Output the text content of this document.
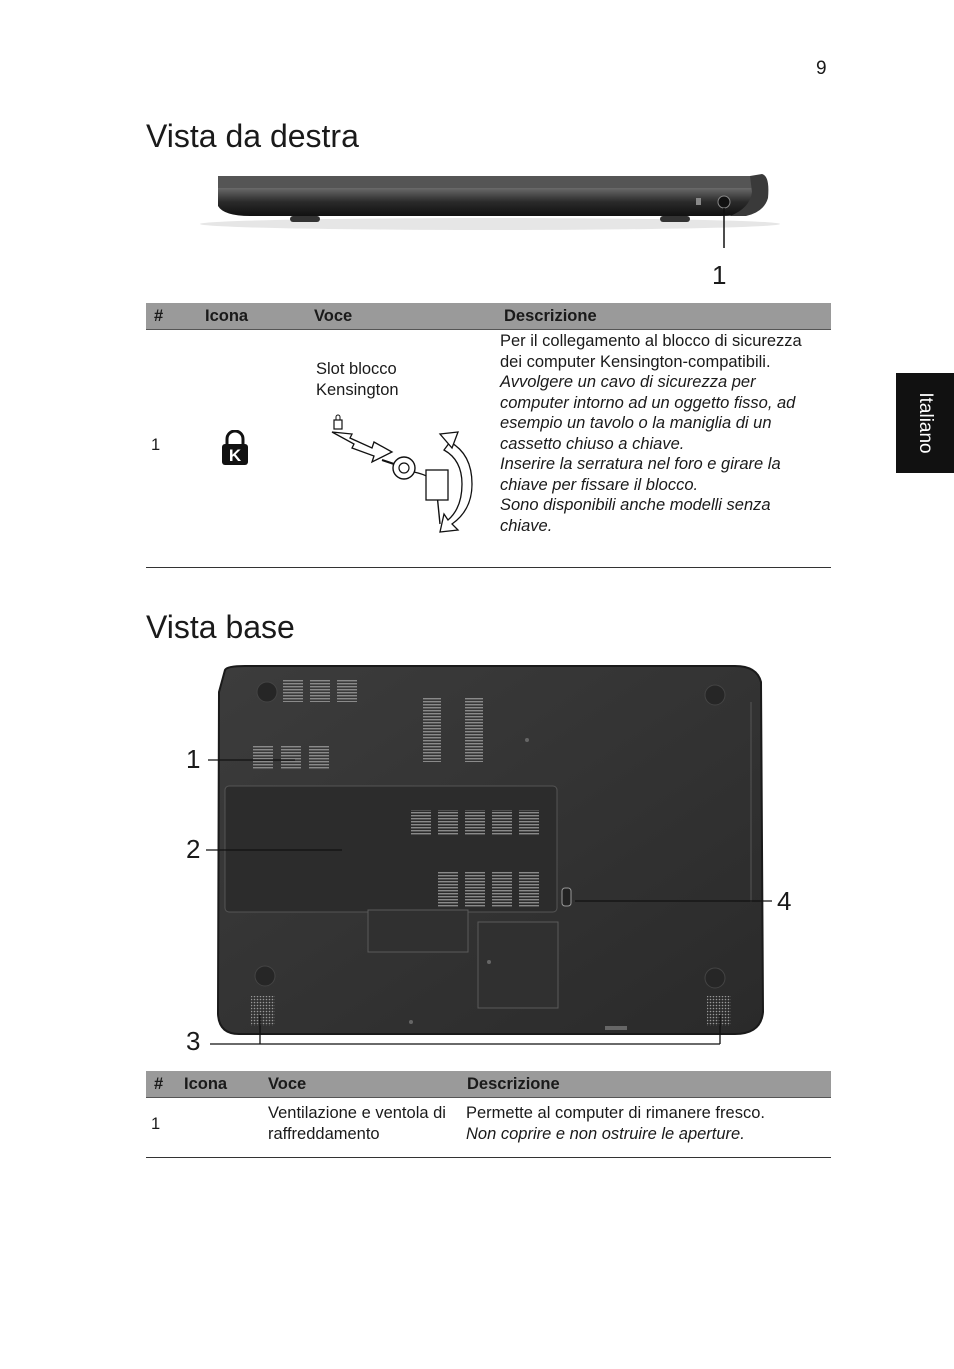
9
Italiano
Vista da destra
1
#	Icona	Voce	Descrizione
1	K	Slot blocco Kensington	Per il collegamento al blocco di sicurezza dei computer Kensington-compatibili.
Avvolgere un cavo di sicurezza per computer intorno ad un oggetto fisso, ad esempio un tavolo o la maniglia di un cassetto chiuso a chiave.
Inserire la serratura nel foro e girare la chiave per fissare il blocco.
Sono disponibili anche modelli senza chiave.
Vista base
1
2
3
4
#	Icona	Voce	Descrizione
1		Ventilazione e ventola di raffreddamento	Permette al computer di rimanere fresco.
Non coprire e non ostruire le aperture.
